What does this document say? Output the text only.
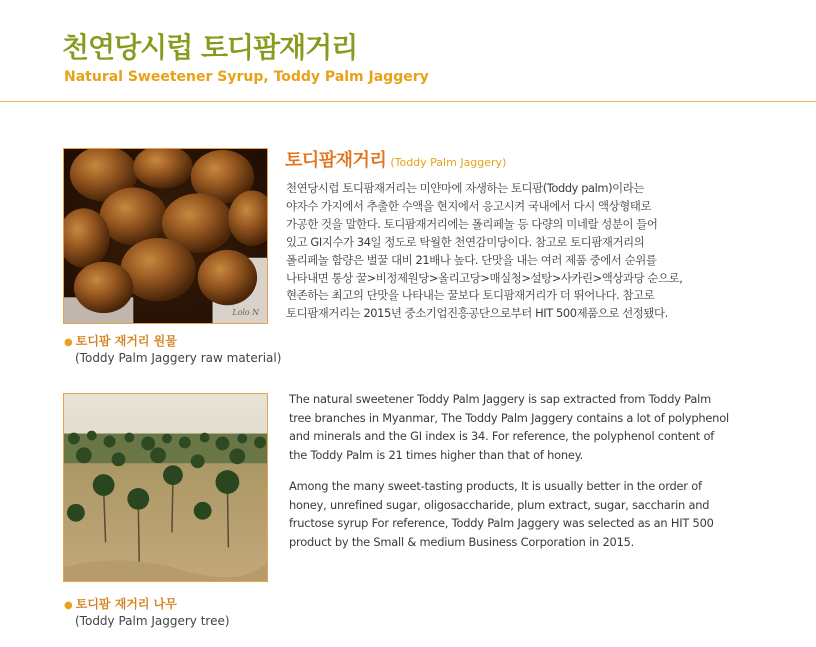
천연당시럽 토디팜재거리
Natural Sweetener Syrup, Toddy Palm Jaggery
Lolo N
● 토디팜 재거리 원물
(Toddy Palm Jaggery raw material)
● 토디팜 재거리 나무
(Toddy Palm Jaggery tree)
토디팜재거리 (Toddy Palm Jaggery)
천연당시럽 토디팜재거리는 미얀마에 자생하는 토디팜(Toddy palm)이라는
야자수 가지에서 추출한 수액을 현지에서 응고시켜 국내에서 다시 액상형태로
가공한 것을 말한다. 토디팜재거리에는 폴리페놀 등 다량의 미네랄 성분이 들어
있고 GI지수가 34일 정도로 탁월한 천연감미당이다. 참고로 토디팜재거리의
폴리페놀 함량은 벌꿀 대비 21배나 높다. 단맛을 내는 여러 제품 중에서 순위를
나타내면 통상 꿀>비정제원당>올리고당>매실청>설탕>사카린>액상과당 순으로,
현존하는 최고의 단맛을 나타내는 꿀보다 토디팜재거리가 더 뛰어나다. 참고로
토디팜재거리는 2015년 중소기업진흥공단으로부터 HIT 500제품으로 선정됐다.

The natural sweetener Toddy Palm Jaggery is sap extracted from Toddy Palm tree branches in Myanmar, The Toddy Palm Jaggery contains a lot of polyphenol and minerals and the GI index is 34. For reference, the polyphenol content of the Toddy Palm is 21 times higher than that of honey.

Among the many sweet-tasting products, It is usually better in the order of honey, unrefined sugar, oligosaccharide, plum extract, sugar, saccharin and fructose syrup For reference, Toddy Palm Jaggery was selected as an HIT 500 product by the Small & medium Business Corporation in 2015.
